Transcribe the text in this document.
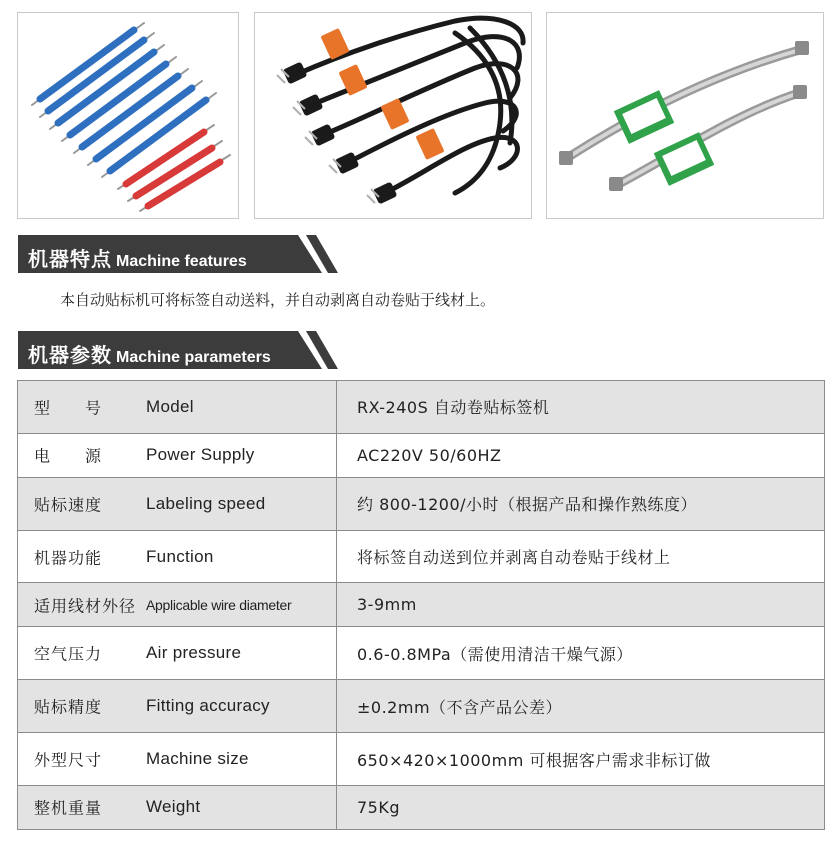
机器特点 Machine features
本自动贴标机可将标签自动送料，并自动剥离自动卷贴于线材上。
机器参数 Machine parameters
型　　号 Model	RX-240S 自动卷贴标签机

电　　源 Power Supply	AC220V 50/60HZ

贴标速度 Labeling speed	约 800-1200/小时（根据产品和操作熟练度）

机器功能 Function	将标签自动送到位并剥离自动卷贴于线材上

适用线材外径 Applicable wire diameter	3-9mm

空气压力 Air pressure	0.6-0.8MPa（需使用清洁干燥气源）

贴标精度 Fitting accuracy	±0.2mm（不含产品公差）

外型尺寸 Machine size	650×420×1000mm 可根据客户需求非标订做

整机重量 Weight	75Kg
